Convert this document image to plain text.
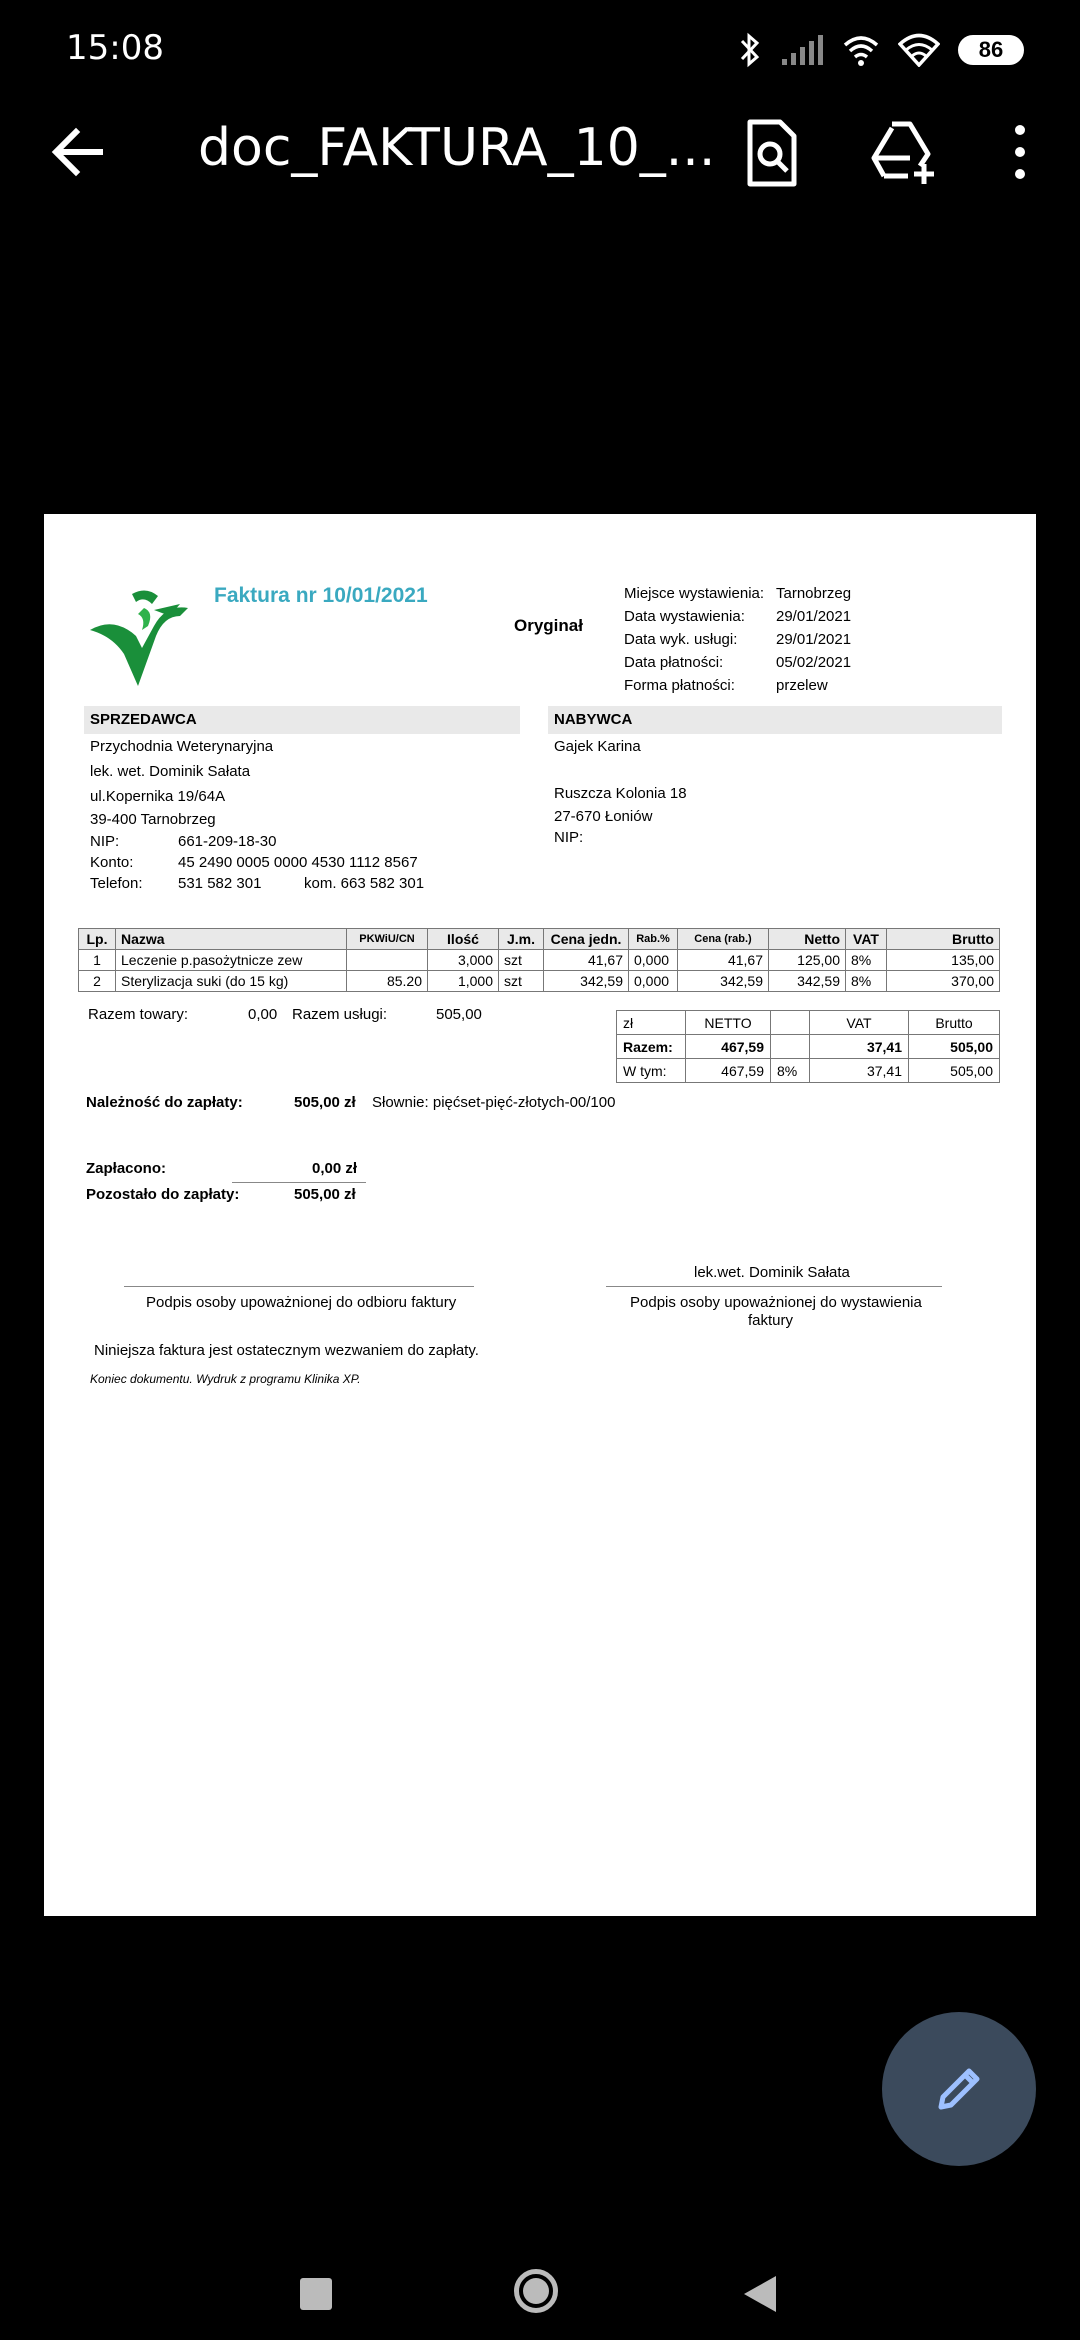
15:08	86
doc_FAKTURA_10_...
Faktura nr 10/01/2021
Oryginał
Miejsce wystawienia: Tarnobrzeg
Data wystawienia: 29/01/2021
Data wyk. usługi:	29/01/2021
Data płatności:	05/02/2021
Forma płatności:	przelew
SPRZEDAWCA	NABYWCA
Przychodnia Weterynaryjna
lek. wet. Dominik Sałata
ul.Kopernika 19/64A
39-400 Tarnobrzeg
NIP:	661-209-18-30
Konto:	45 2490 0005 0000 4530 1112 8567
Telefon: 531 582 301	kom. 663 582 301
Gajek Karina
Ruszcza Kolonia 18
27-670 Łoniów
NIP:
Lp.	Nazwa	PKWiU/CN	Ilość	J.m.	Cena jedn.	Rab.%	Cena (rab.)	Netto	VAT	Brutto
1	Leczenie p.pasożytnicze zew		3,000	szt	41,67	0,000	41,67	125,00	8%	135,00
2	Sterylizacja suki (do 15 kg)	85.20	1,000	szt	342,59	0,000	342,59	342,59	8%	370,00
Razem towary:	0,00 Razem usługi:	505,00	zł	NETTO		VAT	Brutto
Razem:	467,59		37,41	505,00
W tym:	467,59	8%	37,41	505,00
Należność do zapłaty:	505,00 zł Słownie: pięćset-pięć-złotych-00/100
Zapłacono:	0,00 zł
Pozostało do zapłaty:	505,00 zł
lek.wet. Dominik Sałata
Podpis osoby upoważnionej do odbioru faktury	Podpis osoby upoważnionej do wystawienia
faktury
Niniejsza faktura jest ostatecznym wezwaniem do zapłaty.
Koniec dokumentu. Wydruk z programu Klinika XP.
